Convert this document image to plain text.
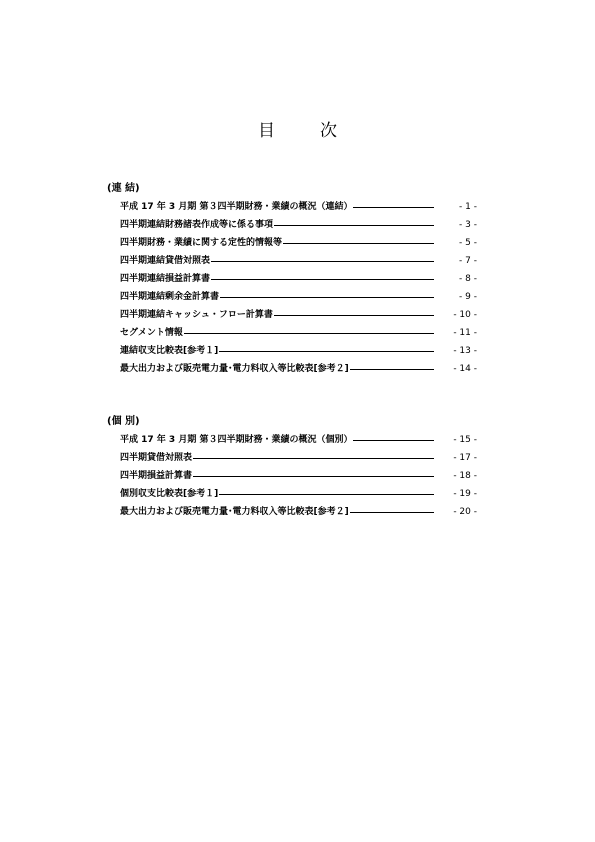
目　次
(連 結)
平成 17 年 3 月期 第３四半期財務・業績の概況（連結）	- 1 -
四半期連結財務諸表作成等に係る事項	- 3 -
四半期財務・業績に関する定性的情報等	- 5 -
四半期連結貸借対照表	- 7 -
四半期連結損益計算書	- 8 -
四半期連結剰余金計算書	- 9 -
四半期連結キャッシュ・フロー計算書	- 10 -
セグメント情報	- 11 -
連結収支比較表[参考１]	- 13 -
最大出力および販売電力量･電力料収入等比較表[参考２]	- 14 -
(個 別)
平成 17 年 3 月期 第３四半期財務・業績の概況（個別）	- 15 -
四半期貸借対照表	- 17 -
四半期損益計算書	- 18 -
個別収支比較表[参考１]	- 19 -
最大出力および販売電力量･電力料収入等比較表[参考２]	- 20 -
